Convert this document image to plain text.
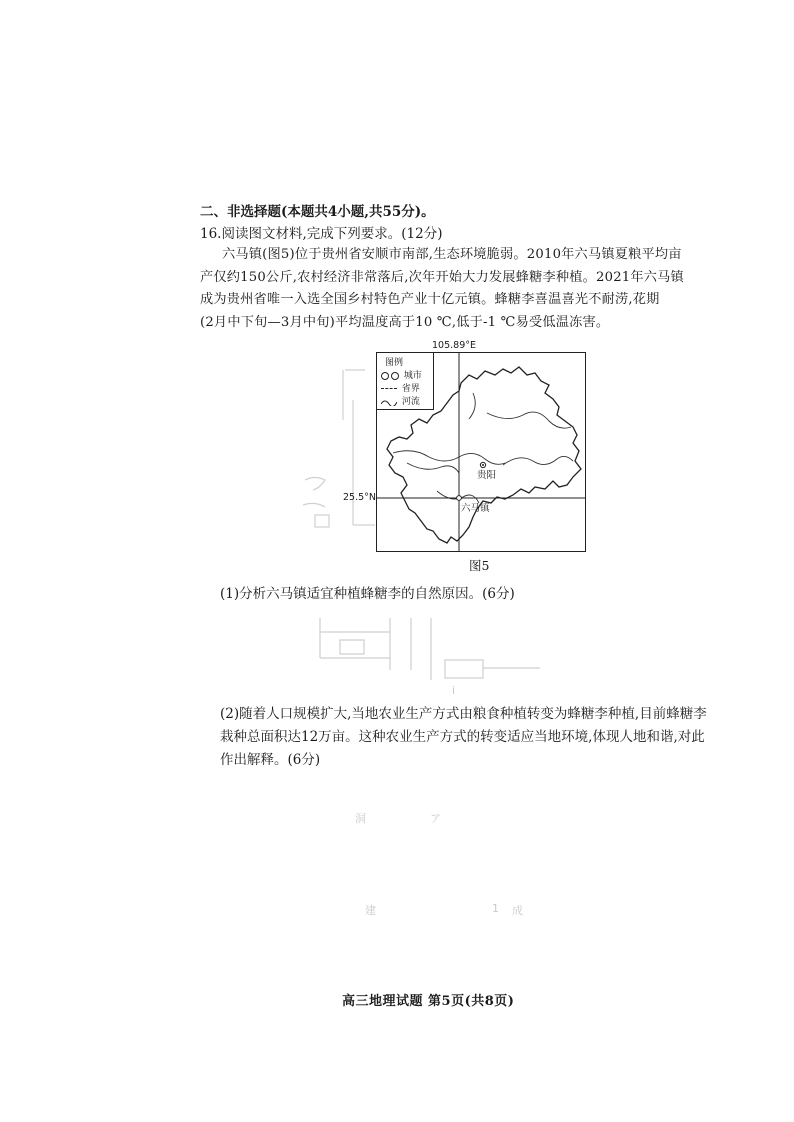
二、非选择题(本题共4小题,共55分)。
16.阅读图文材料,完成下列要求。(12分)
六马镇(图5)位于贵州省安顺市南部,生态环境脆弱。2010年六马镇夏粮平均亩
产仅约150公斤,农村经济非常落后,次年开始大力发展蜂糖李种植。2021年六马镇
成为贵州省唯一入选全国乡村特色产业十亿元镇。蜂糖李喜温喜光不耐涝,花期
(2月中下旬—3月中旬)平均温度高于10 ℃,低于-1 ℃易受低温冻害。
105.89°E
25.5°N
图例
城市
省界
河流
贵阳
六马镇
图5
(1)分析六马镇适宜种植蜂糖李的自然原因。(6分)
i
(2)随着人口规模扩大,当地农业生产方式由粮食种植转变为蜂糖李种植,目前蜂糖李
栽种总面积达12万亩。这种农业生产方式的转变适应当地环境,体现人地和谐,对此
作出解释。(6分)
洞	ア
建	1 成
高三地理试题 第5页(共8页)
